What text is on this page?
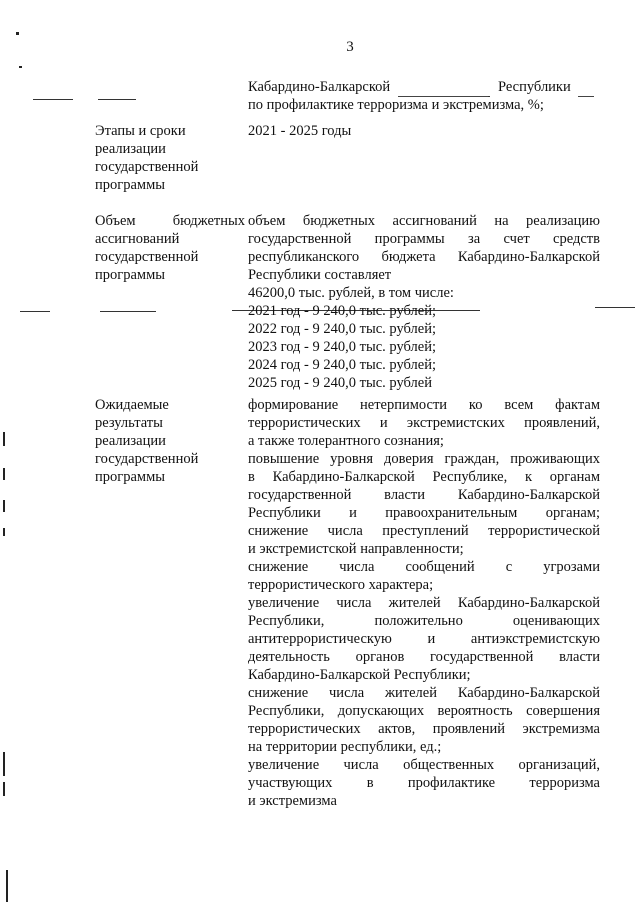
3
Кабардино-Балкарской	Республики
по профилактике терроризма и экстремизма, %;
Этапы и сроки
реализации
государственной
программы
2021 - 2025 годы
Объем бюджетных
ассигнований
государственной
программы
объем бюджетных ассигнований на реализацию
государственной программы за счет средств
республиканского бюджета Кабардино-Балкарской
Республики составляет
46200,0 тыс. рублей, в том числе:
2021 год - 9 240,0 тыс. рублей;
2022 год - 9 240,0 тыс. рублей;
2023 год - 9 240,0 тыс. рублей;
2024 год - 9 240,0 тыс. рублей;
2025 год - 9 240,0 тыс. рублей
Ожидаемые
результаты
реализации
государственной
программы
формирование нетерпимости ко всем фактам
террористических и экстремистских проявлений,
а также толерантного сознания;
повышение уровня доверия граждан, проживающих
в Кабардино-Балкарской Республике, к органам
государственной власти Кабардино-Балкарской
Республики и правоохранительным органам;
снижение числа преступлений террористической
и экстремистской направленности;
снижение числа сообщений с угрозами
террористического характера;
увеличение числа жителей Кабардино-Балкарской
Республики, положительно оценивающих
антитеррористическую и антиэкстремистскую
деятельность органов государственной власти
Кабардино-Балкарской Республики;
снижение числа жителей Кабардино-Балкарской
Республики, допускающих вероятность совершения
террористических актов, проявлений экстремизма
на территории республики, ед.;
увеличение числа общественных организаций,
участвующих в профилактике терроризма
и экстремизма
